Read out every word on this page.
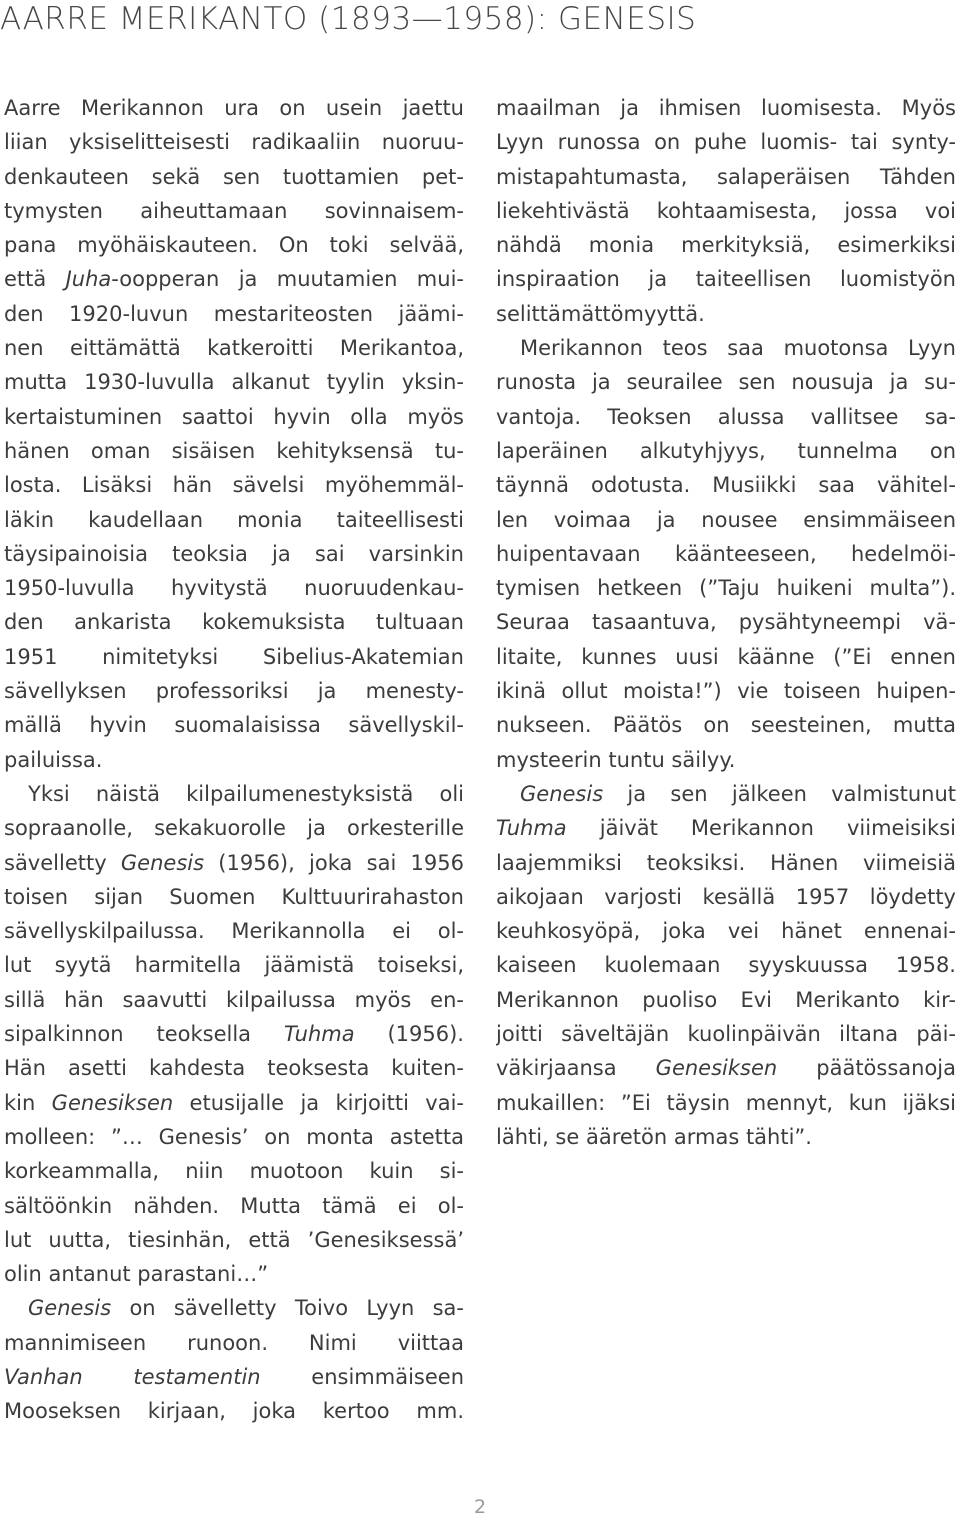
AARRE MERIKANTO (1893—1958): GENESIS
Aarre Merikannon ura on usein jaettu
liian yksiselitteisesti radikaaliin nuoruu-
denkauteen sekä sen tuottamien pet-
tymysten aiheuttamaan sovinnaisem-
pana myöhäiskauteen. On toki selvää,
että Juha-oopperan ja muutamien mui-
den 1920-luvun mestariteosten jäämi-
nen eittämättä katkeroitti Merikantoa,
mutta 1930-luvulla alkanut tyylin yksin-
kertaistuminen saattoi hyvin olla myös
hänen oman sisäisen kehityksensä tu-
losta. Lisäksi hän sävelsi myöhemmäl-
läkin kaudellaan monia taiteellisesti
täysipainoisia teoksia ja sai varsinkin
1950-luvulla hyvitystä nuoruudenkau-
den ankarista kokemuksista tultuaan
1951 nimitetyksi Sibelius-Akatemian
sävellyksen professoriksi ja menesty-
mällä hyvin suomalaisissa sävellyskil-
pailuissa.
Yksi näistä kilpailumenestyksistä oli
sopraanolle, sekakuorolle ja orkesterille
sävelletty Genesis (1956), joka sai 1956
toisen sijan Suomen Kulttuurirahaston
sävellyskilpailussa. Merikannolla ei ol-
lut syytä harmitella jäämistä toiseksi,
sillä hän saavutti kilpailussa myös en-
sipalkinnon teoksella Tuhma (1956).
Hän asetti kahdesta teoksesta kuiten-
kin Genesiksen etusijalle ja kirjoitti vai-
molleen: ”… Genesis’ on monta astetta
korkeammalla, niin muotoon kuin si-
sältöönkin nähden. Mutta tämä ei ol-
lut uutta, tiesinhän, että ’Genesiksessä’
olin antanut parastani…”
Genesis on sävelletty Toivo Lyyn sa-
mannimiseen runoon. Nimi viittaa
Vanhan testamentin ensimmäiseen
Mooseksen kirjaan, joka kertoo mm.
maailman ja ihmisen luomisesta. Myös
Lyyn runossa on puhe luomis- tai synty-
mistapahtumasta, salaperäisen Tähden
liekehtivästä kohtaamisesta, jossa voi
nähdä monia merkityksiä, esimerkiksi
inspiraation ja taiteellisen luomistyön
selittämättömyyttä.
Merikannon teos saa muotonsa Lyyn
runosta ja seurailee sen nousuja ja su-
vantoja. Teoksen alussa vallitsee sa-
laperäinen alkutyhjyys, tunnelma on
täynnä odotusta. Musiikki saa vähitel-
len voimaa ja nousee ensimmäiseen
huipentavaan käänteeseen, hedelmöi-
tymisen hetkeen (”Taju huikeni multa”).
Seuraa tasaantuva, pysähtyneempi vä-
litaite, kunnes uusi käänne (”Ei ennen
ikinä ollut moista!”) vie toiseen huipen-
nukseen. Päätös on seesteinen, mutta
mysteerin tuntu säilyy.
Genesis ja sen jälkeen valmistunut
Tuhma jäivät Merikannon viimeisiksi
laajemmiksi teoksiksi. Hänen viimeisiä
aikojaan varjosti kesällä 1957 löydetty
keuhkosyöpä, joka vei hänet ennenai-
kaiseen kuolemaan syyskuussa 1958.
Merikannon puoliso Evi Merikanto kir-
joitti säveltäjän kuolinpäivän iltana päi-
väkirjaansa Genesiksen päätössanoja
mukaillen: ”Ei täysin mennyt, kun ijäksi
lähti, se ääretön armas tähti”.
2
